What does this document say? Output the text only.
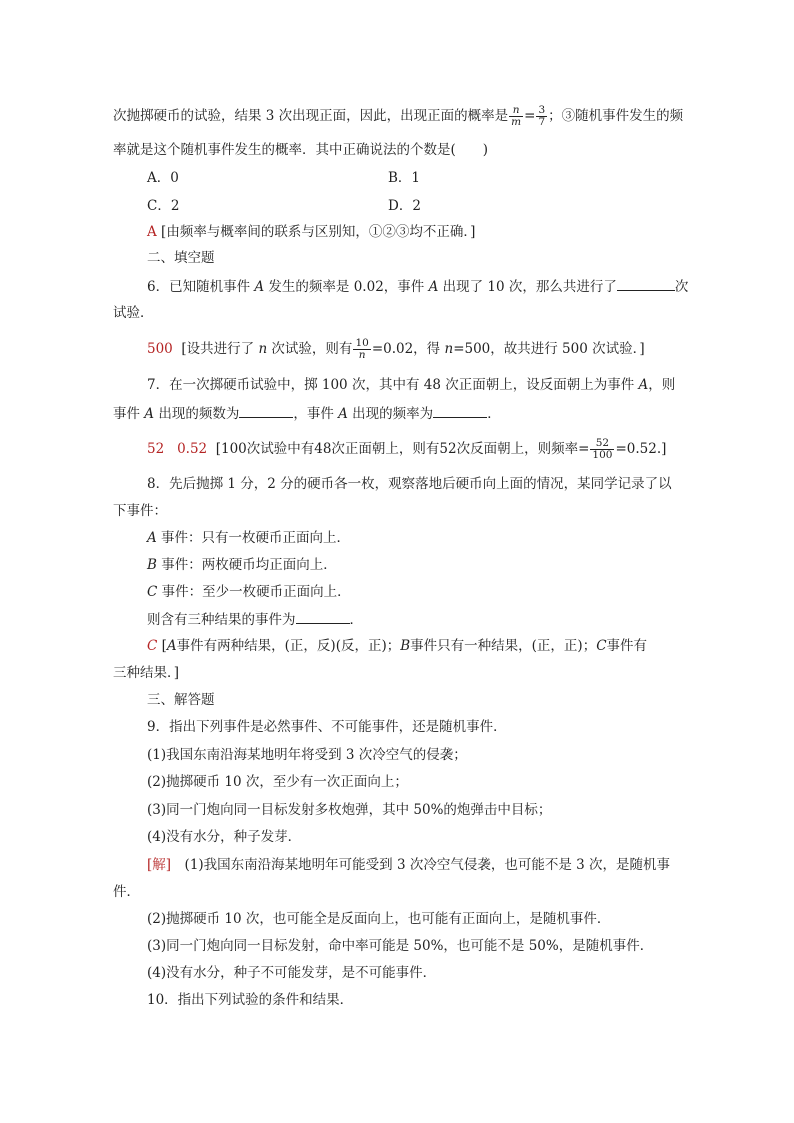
次抛掷硬币的试验，结果 3 次出现正面，因此，出现正面的概率是 $\frac{n}{m} = \frac{3}{7}$ ；③随机事件发生的频
率就是这个随机事件发生的概率．其中正确说法的个数是(　　)
A．0	B．1
C．2	D．2
A [由频率与概率间的联系与区别知，①②③均不正确．]
二、填空题
6．已知随机事件 A 发生的频率是 0.02，事件 A 出现了 10 次，那么共进行了	次
试验．
500 [设共进行了 n 次试验，则有 $\frac{10}{n} =0.02$，得 n=500，故共进行 500 次试验．]
7．在一次掷硬币试验中，掷 100 次，其中有 48 次正面朝上，设反面朝上为事件 A，则
事件 A 出现的频数为	，事件 A 出现的频率为	．
52 0.52 [100次试验中有48次正面朝上，则有52次反面朝上，则频率= $\frac{52}{100} =0.52$.]
8．先后抛掷 1 分，2 分的硬币各一枚，观察落地后硬币向上面的情况，某同学记录了以
下事件：
A 事件：只有一枚硬币正面向上．
B 事件：两枚硬币均正面向上．
C 事件：至少一枚硬币正面向上．
则含有三种结果的事件为	．
C [A事件有两种结果，(正，反)(反，正)；B事件只有一种结果，(正，正)；C事件有
三种结果．]
三、解答题
9．指出下列事件是必然事件、不可能事件，还是随机事件．
(1)我国东南沿海某地明年将受到 3 次冷空气的侵袭；
(2)抛掷硬币 10 次，至少有一次正面向上；
(3)同一门炮向同一目标发射多枚炮弹，其中 50%的炮弹击中目标；
(4)没有水分，种子发芽．
[解]　(1)我国东南沿海某地明年可能受到 3 次冷空气侵袭，也可能不是 3 次，是随机事
件．
(2)抛掷硬币 10 次，也可能全是反面向上，也可能有正面向上，是随机事件．
(3)同一门炮向同一目标发射，命中率可能是 50%，也可能不是 50%，是随机事件．
(4)没有水分，种子不可能发芽，是不可能事件．
10．指出下列试验的条件和结果．
